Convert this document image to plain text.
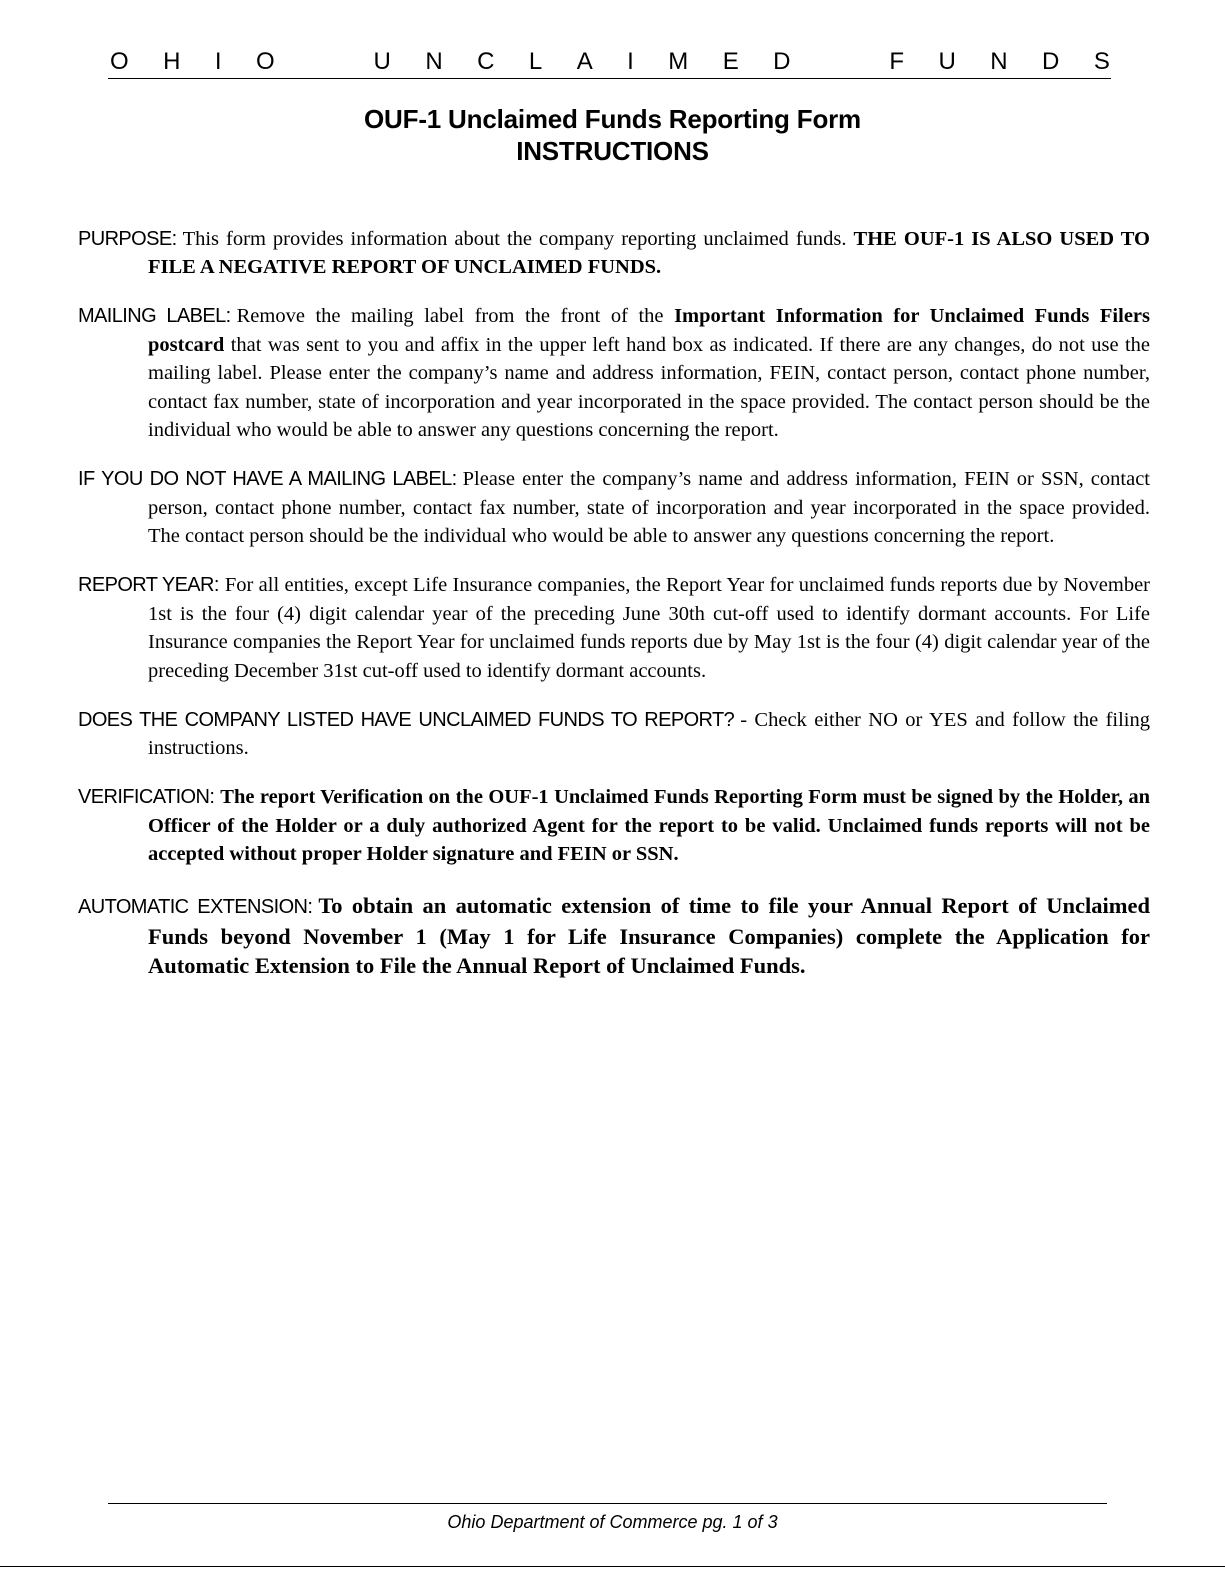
O H I O	U N C L A I M E D	F U N D S
OUF-1 Unclaimed Funds Reporting Form
INSTRUCTIONS

PURPOSE: This form provides information about the company reporting unclaimed funds. THE OUF-1 IS ALSO USED TO FILE A NEGATIVE REPORT OF UNCLAIMED FUNDS.

MAILING LABEL: Remove the mailing label from the front of the Important Information for Unclaimed Funds Filers postcard that was sent to you and affix in the upper left hand box as indicated. If there are any changes, do not use the mailing label. Please enter the company’s name and address information, FEIN, contact person, contact phone number, contact fax number, state of incorporation and year incorporated in the space provided. The contact person should be the individual who would be able to answer any questions concerning the report.

IF YOU DO NOT HAVE A MAILING LABEL: Please enter the company’s name and address information, FEIN or SSN, contact person, contact phone number, contact fax number, state of incorporation and year incorporated in the space provided. The contact person should be the individual who would be able to answer any questions concerning the report.

REPORT YEAR: For all entities, except Life Insurance companies, the Report Year for unclaimed funds reports due by November 1st is the four (4) digit calendar year of the preceding June 30th cut-off used to identify dormant accounts. For Life Insurance companies the Report Year for unclaimed funds reports due by May 1st is the four (4) digit calendar year of the preceding December 31st cut-off used to identify dormant accounts.

DOES THE COMPANY LISTED HAVE UNCLAIMED FUNDS TO REPORT? - Check either NO or YES and follow the filing instructions.

VERIFICATION: The report Verification on the OUF-1 Unclaimed Funds Reporting Form must be signed by the Holder, an Officer of the Holder or a duly authorized Agent for the report to be valid. Unclaimed funds reports will not be accepted without proper Holder signature and FEIN or SSN.

AUTOMATIC EXTENSION: To obtain an automatic extension of time to file your Annual Report of Unclaimed Funds beyond November 1 (May 1 for Life Insurance Companies) complete the Application for Automatic Extension to File the Annual Report of Unclaimed Funds.

Ohio Department of Commerce pg. 1 of 3
